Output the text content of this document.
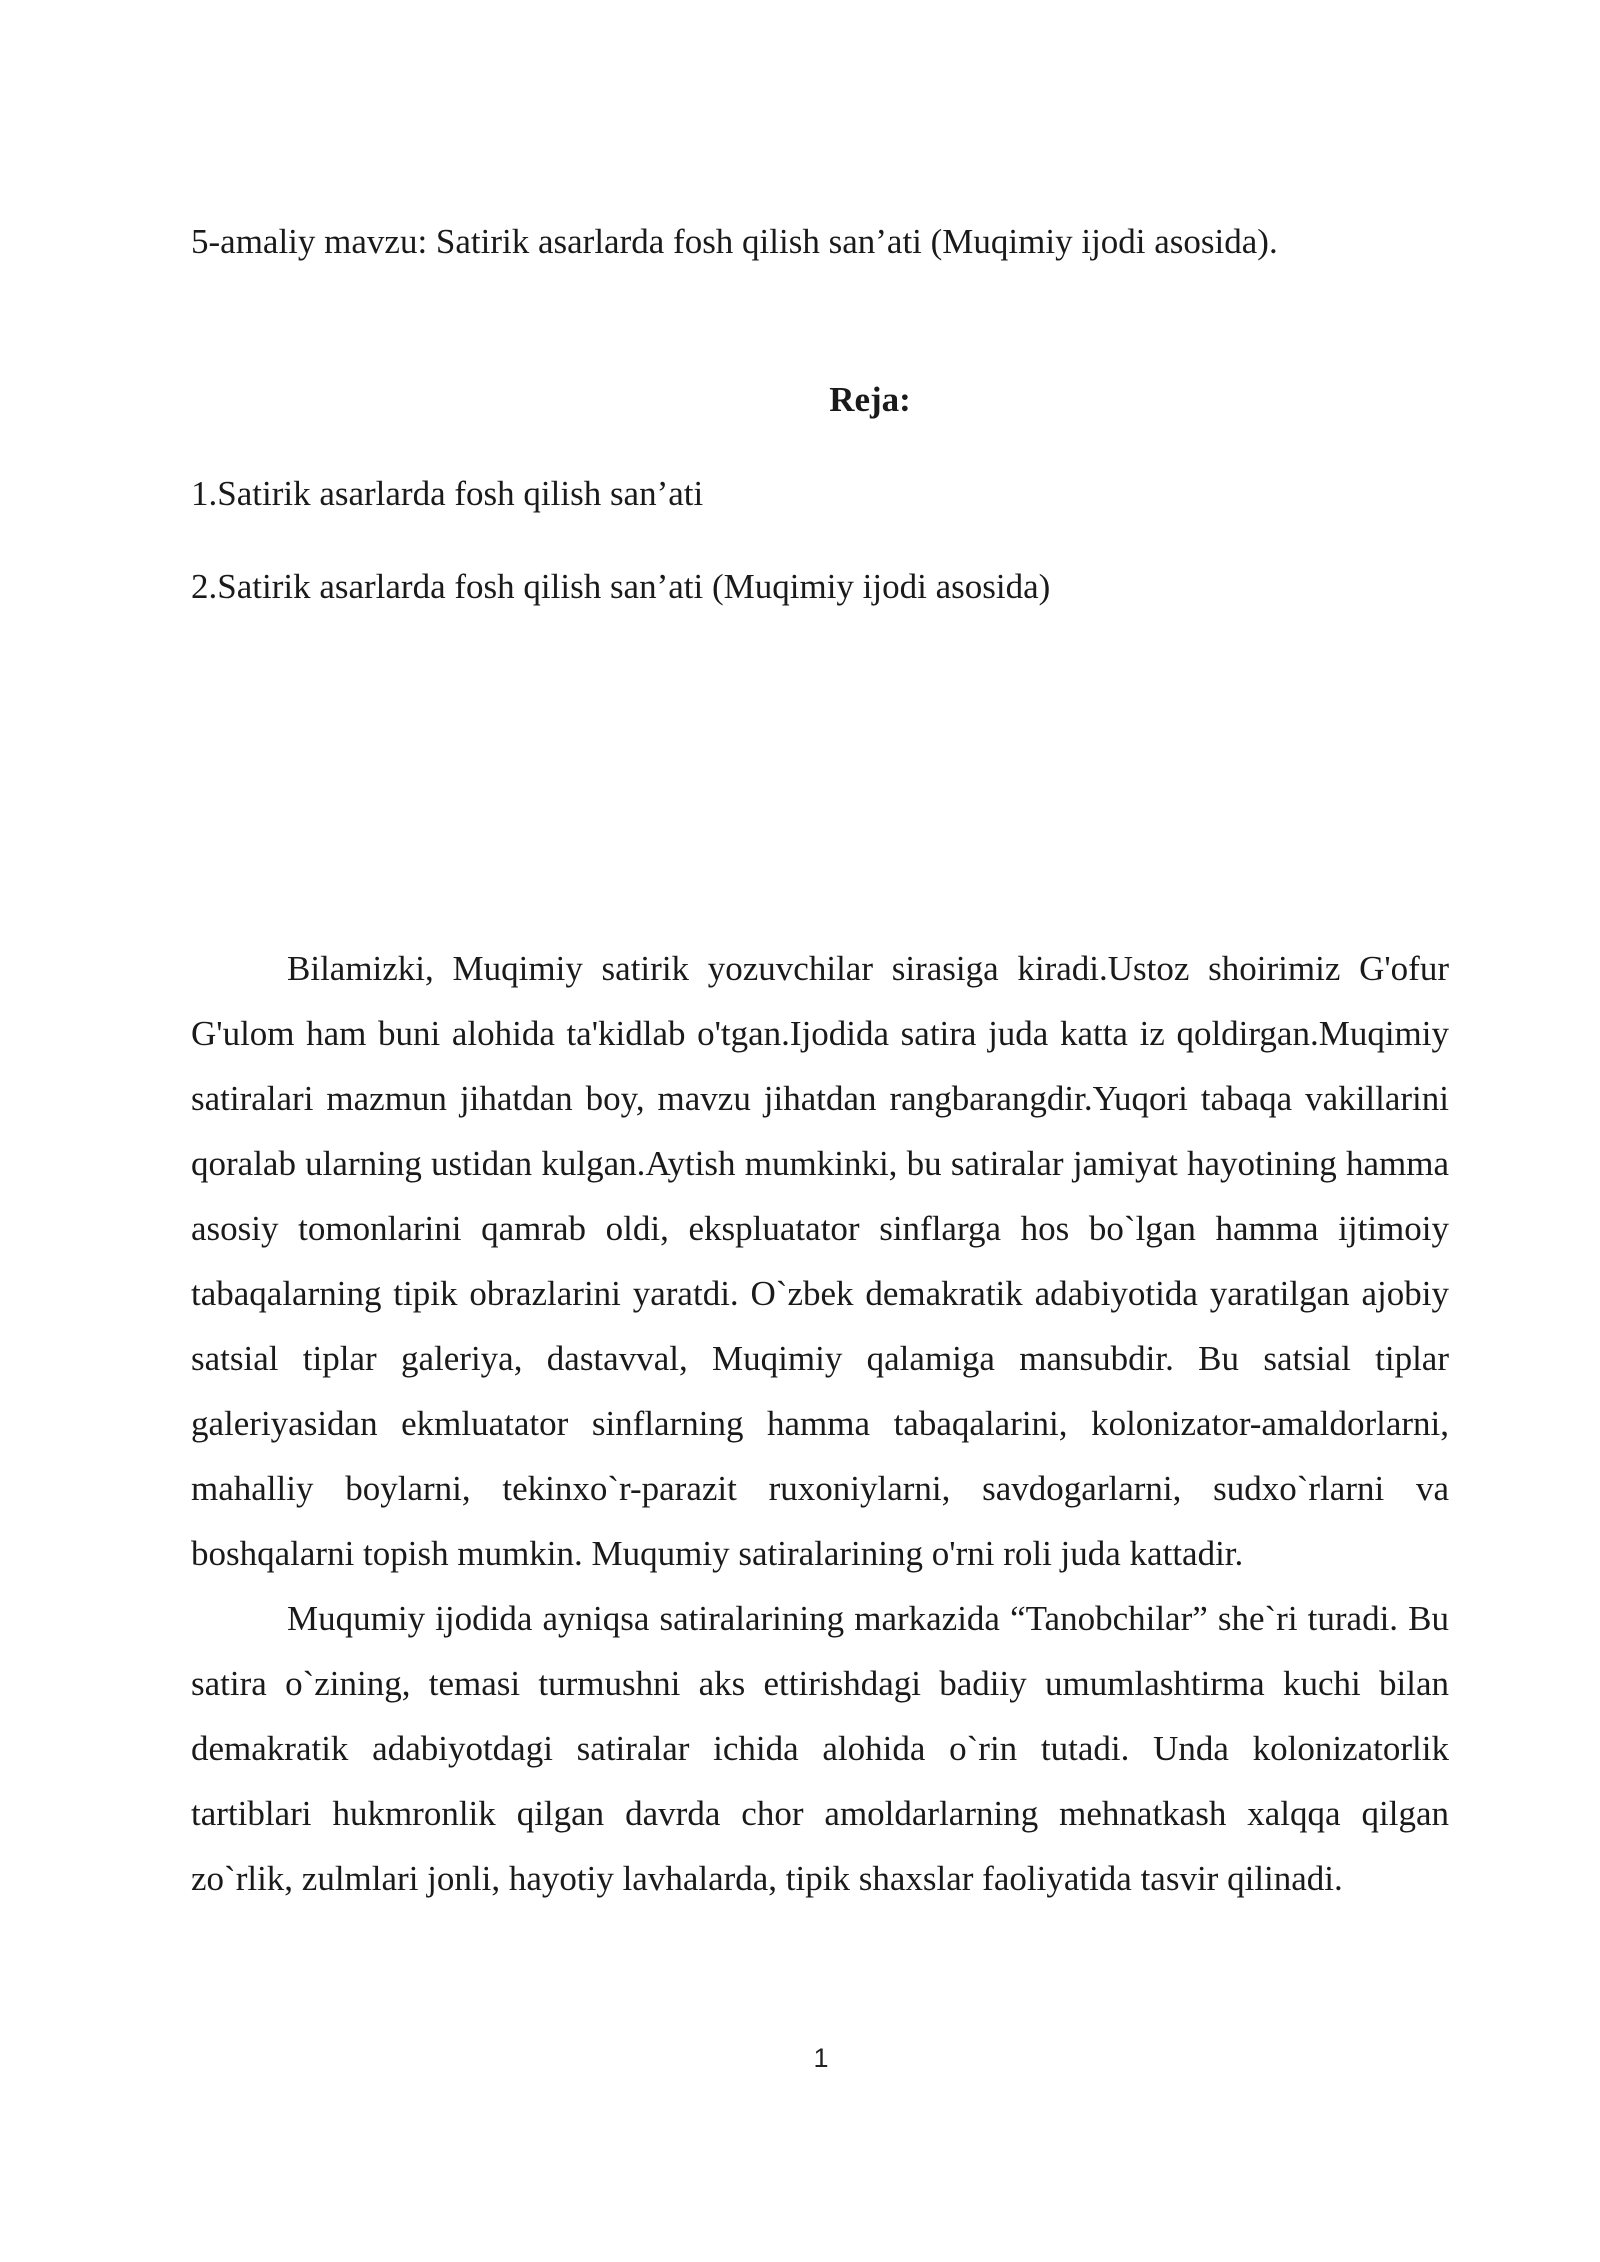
5-amaliy mavzu: Satirik asarlarda fosh qilish san’ati (Muqimiy ijodi asosida).
Reja:
1.Satirik asarlarda fosh qilish san’ati
2.Satirik asarlarda fosh qilish san’ati (Muqimiy ijodi asosida)

Bilamizki, Muqimiy satirik yozuvchilar sirasiga kiradi.Ustoz shoirimiz G'ofur G'ulom ham buni alohida ta'kidlab o'tgan.Ijodida satira juda katta iz qoldirgan.Muqimiy satiralari mazmun jihatdan boy, mavzu jihatdan rangbarangdir.Yuqori tabaqa vakillarini qoralab ularning ustidan kulgan.Aytish mumkinki, bu satiralar jamiyat hayotining hamma asosiy tomonlarini qamrab oldi, ekspluatator sinflarga hos bo`lgan hamma ijtimoiy tabaqalarning tipik obrazlarini yaratdi. O`zbek demakratik adabiyotida yaratilgan ajobiy satsial tiplar galeriya, dastavval, Muqimiy qalamiga mansubdir. Bu satsial tiplar galeriyasidan ekmluatator sinflarning hamma tabaqalarini, kolonizator-amaldorlarni, mahalliy boylarni, tekinxo`r-parazit ruxoniylarni, savdogarlarni, sudxo`rlarni va boshqalarni topish mumkin. Muqumiy satiralarining o'rni roli juda kattadir.

Muqumiy ijodida ayniqsa satiralarining markazida “Tanobchilar” she`ri turadi. Bu satira o`zining, temasi turmushni aks ettirishdagi badiiy umumlashtirma kuchi bilan demakratik adabiyotdagi satiralar ichida alohida o`rin tutadi. Unda kolonizatorlik tartiblari hukmronlik qilgan davrda chor amoldarlarning mehnatkash xalqqa qilgan zo`rlik, zulmlari jonli, hayotiy lavhalarda, tipik shaxslar faoliyatida tasvir qilinadi.

1
